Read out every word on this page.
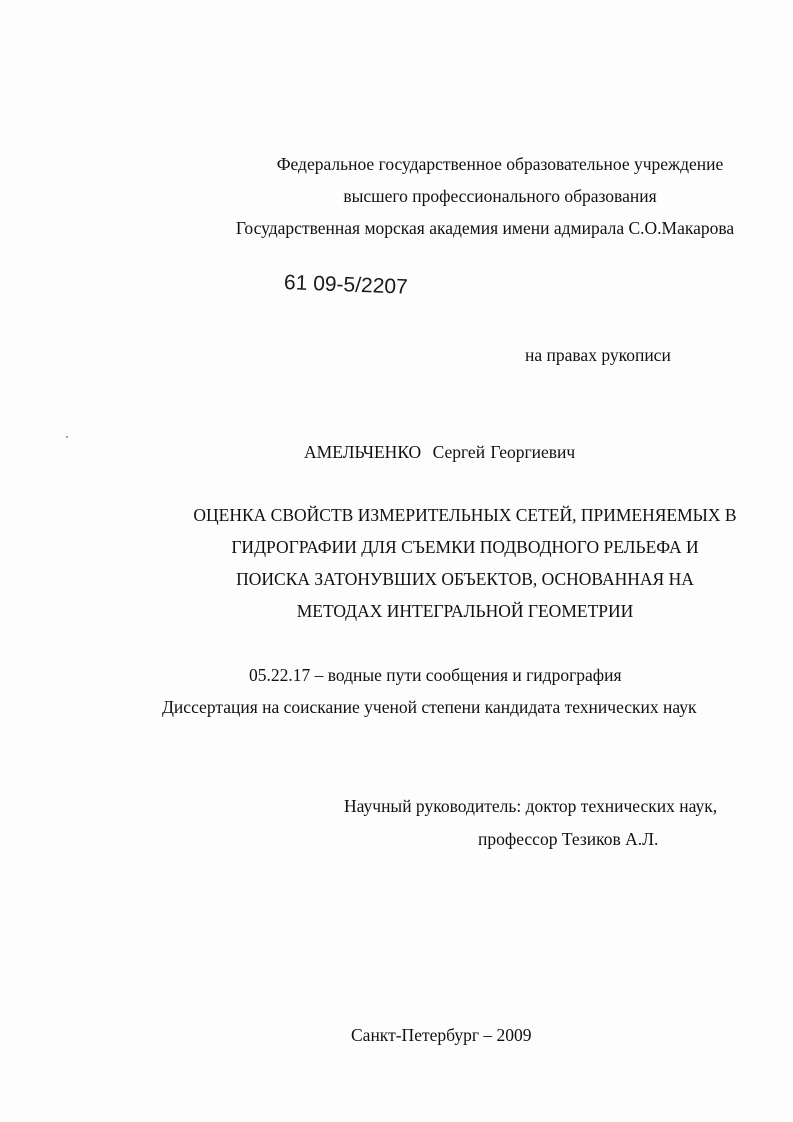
Федеральное государственное образовательное учреждение
высшего профессионального образования
Государственная морская академия имени адмирала С.О.Макарова
61 09-5/2207
на правах рукописи
АМЕЛЬЧЕНКО Сергей Георгиевич
ОЦЕНКА СВОЙСТВ ИЗМЕРИТЕЛЬНЫХ СЕТЕЙ, ПРИМЕНЯЕМЫХ В
ГИДРОГРАФИИ ДЛЯ СЪЕМКИ ПОДВОДНОГО РЕЛЬЕФА И
ПОИСКА ЗАТОНУВШИХ ОБЪЕКТОВ, ОСНОВАННАЯ НА
МЕТОДАХ ИНТЕГРАЛЬНОЙ ГЕОМЕТРИИ
05.22.17 – водные пути сообщения и гидрография
Диссертация на соискание ученой степени кандидата технических наук
Научный руководитель: доктор технических наук,
профессор Тезиков А.Л.
Санкт-Петербург – 2009
